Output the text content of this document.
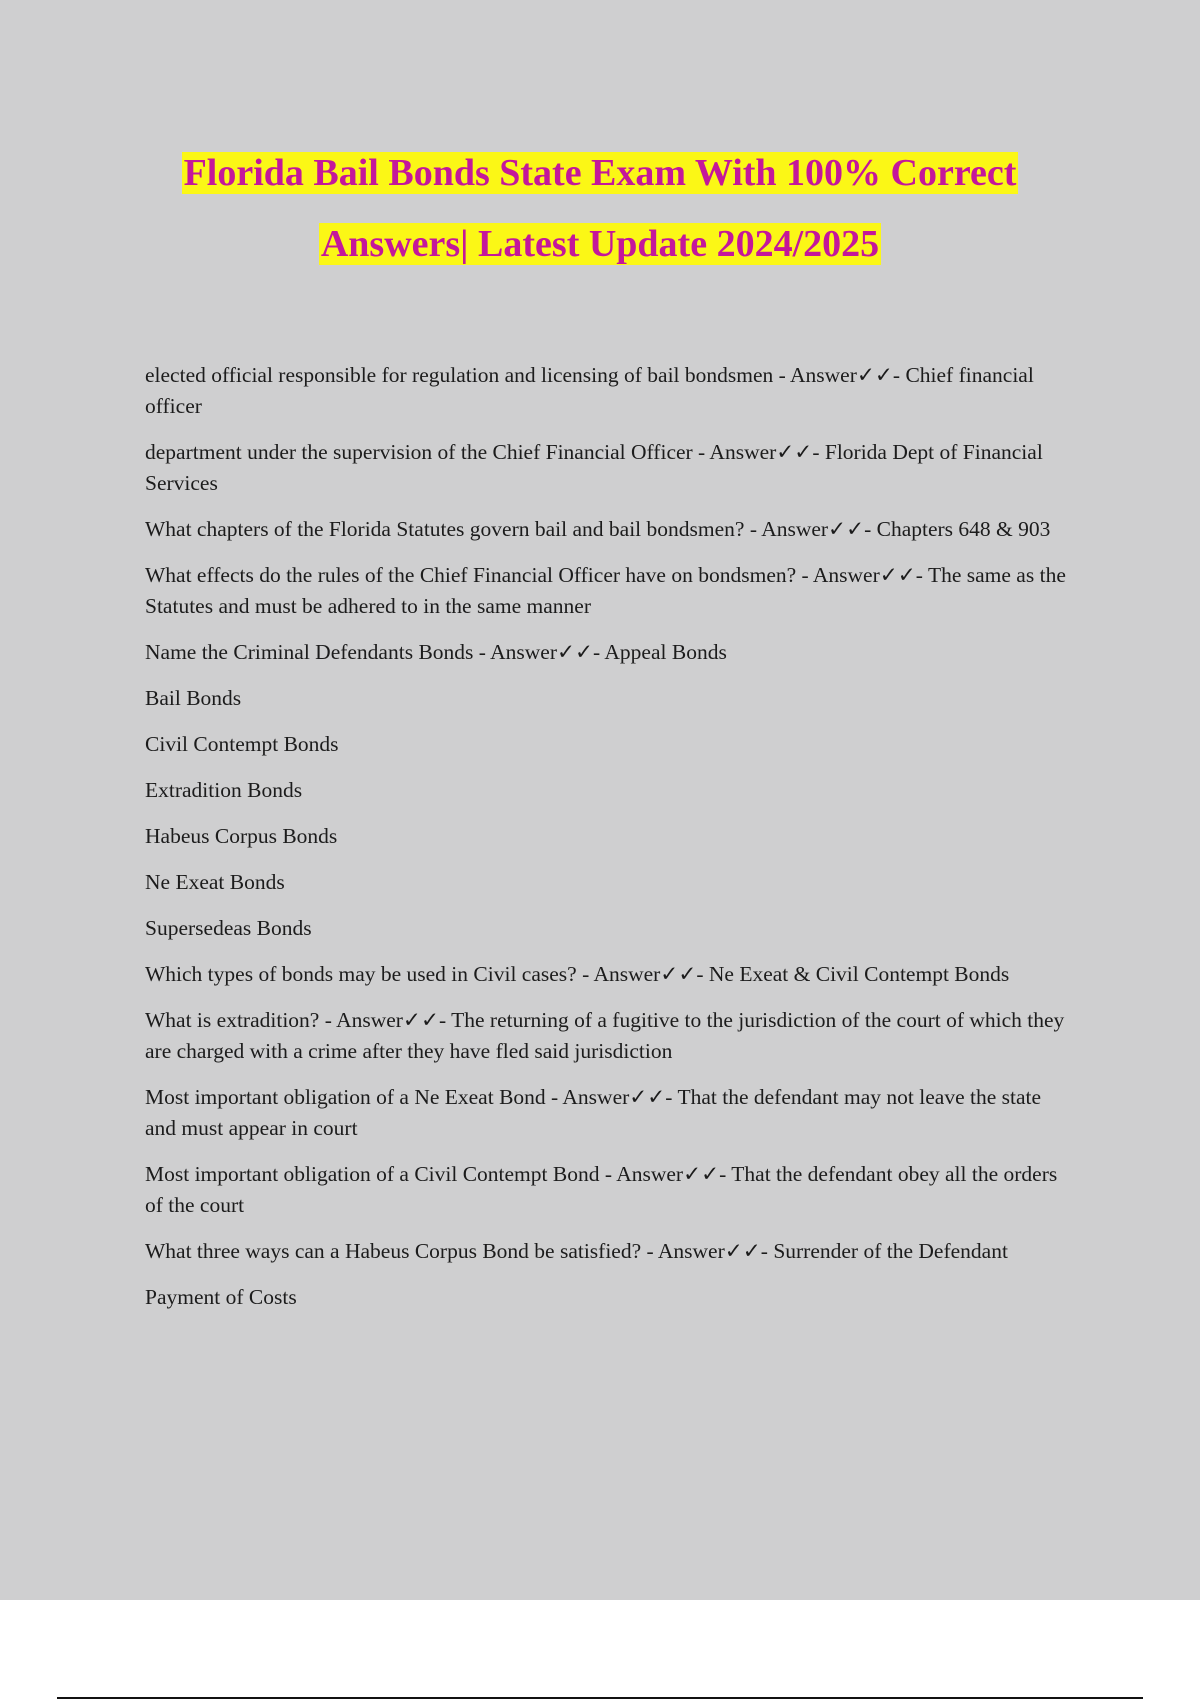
Florida Bail Bonds State Exam With 100% Correct
Answers| Latest Update 2024/2025

elected official responsible for regulation and licensing of bail bondsmen - Answer✓✓- Chief financial officer

department under the supervision of the Chief Financial Officer - Answer✓✓- Florida Dept of Financial Services

What chapters of the Florida Statutes govern bail and bail bondsmen? - Answer✓✓- Chapters 648 & 903

What effects do the rules of the Chief Financial Officer have on bondsmen? - Answer✓✓- The same as the Statutes and must be adhered to in the same manner

Name the Criminal Defendants Bonds - Answer✓✓- Appeal Bonds

Bail Bonds

Civil Contempt Bonds

Extradition Bonds

Habeus Corpus Bonds

Ne Exeat Bonds

Supersedeas Bonds

Which types of bonds may be used in Civil cases? - Answer✓✓- Ne Exeat & Civil Contempt Bonds

What is extradition? - Answer✓✓- The returning of a fugitive to the jurisdiction of the court of which they are charged with a crime after they have fled said jurisdiction

Most important obligation of a Ne Exeat Bond - Answer✓✓- That the defendant may not leave the state and must appear in court

Most important obligation of a Civil Contempt Bond - Answer✓✓- That the defendant obey all the orders of the court

What three ways can a Habeus Corpus Bond be satisfied? - Answer✓✓- Surrender of the Defendant

Payment of Costs
